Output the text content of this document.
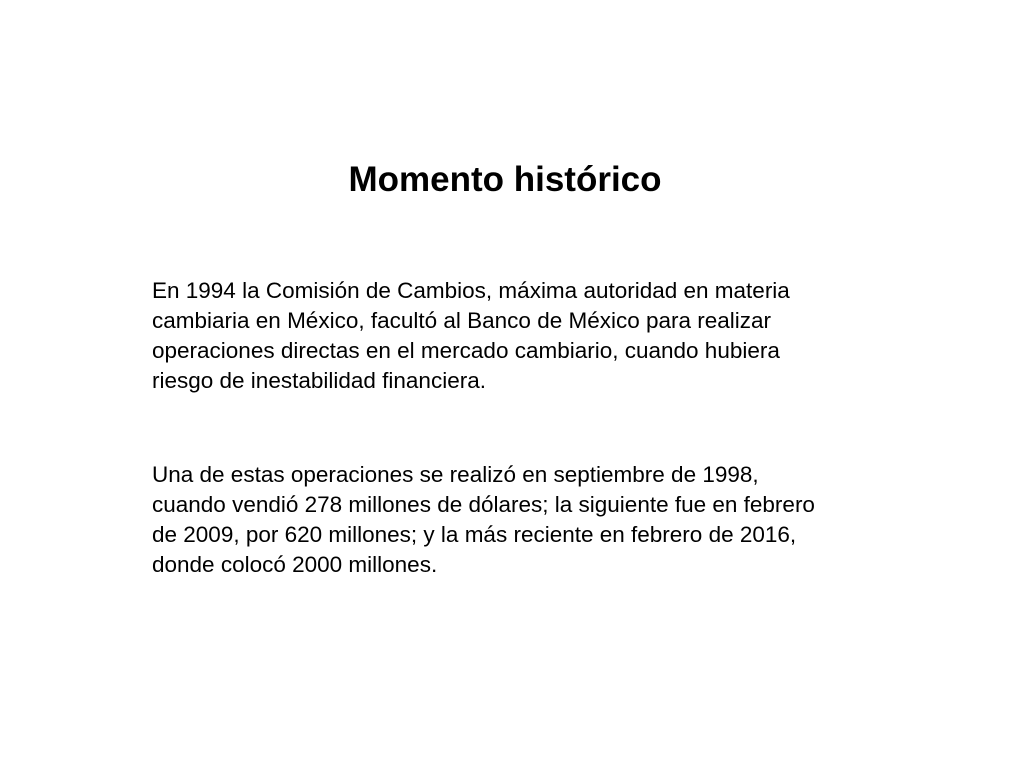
Momento histórico

En 1994 la Comisión de Cambios, máxima autoridad en materia
cambiaria en México, facultó al Banco de México para realizar
operaciones directas en el mercado cambiario, cuando hubiera
riesgo de inestabilidad financiera.

Una de estas operaciones se realizó en septiembre de 1998,
cuando vendió 278 millones de dólares; la siguiente fue en febrero
de 2009, por 620 millones; y la más reciente en febrero de 2016,
donde colocó 2000 millones.
